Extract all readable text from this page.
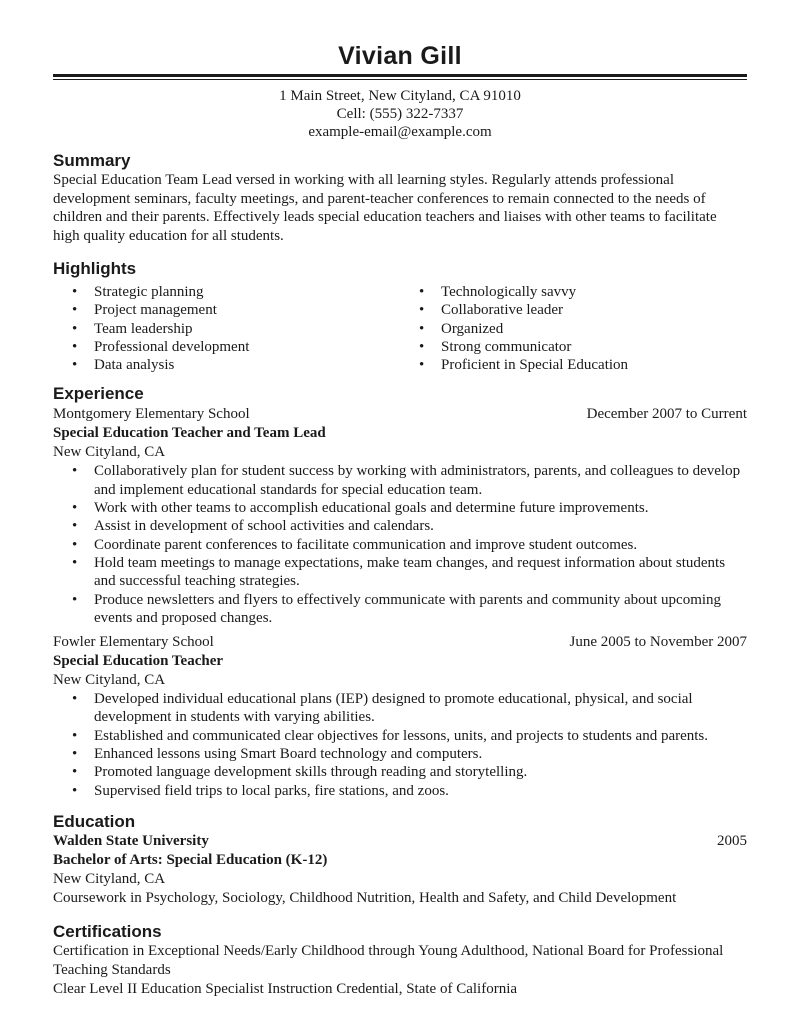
Vivian Gill
1 Main Street, New Cityland, CA 91010
Cell: (555) 322-7337
example-email@example.com
Summary
Special Education Team Lead versed in working with all learning styles. Regularly attends professional development seminars, faculty meetings, and parent-teacher conferences to remain connected to the needs of children and their parents. Effectively leads special education teachers and liaises with other teams to facilitate high quality education for all students.
Highlights
• Strategic planning
• Project management
• Team leadership
• Professional development
• Data analysis
• Technologically savvy
• Collaborative leader
• Organized
• Strong communicator
• Proficient in Special Education
Experience
Montgomery Elementary School	December 2007 to Current
Special Education Teacher and Team Lead
New Cityland, CA
• Collaboratively plan for student success by working with administrators, parents, and colleagues to develop and implement educational standards for special education team.
• Work with other teams to accomplish educational goals and determine future improvements.
• Assist in development of school activities and calendars.
• Coordinate parent conferences to facilitate communication and improve student outcomes.
• Hold team meetings to manage expectations, make team changes, and request information about students and successful teaching strategies.
• Produce newsletters and flyers to effectively communicate with parents and community about upcoming events and proposed changes.
Fowler Elementary School	June 2005 to November 2007
Special Education Teacher
New Cityland, CA
• Developed individual educational plans (IEP) designed to promote educational, physical, and social development in students with varying abilities.
• Established and communicated clear objectives for lessons, units, and projects to students and parents.
• Enhanced lessons using Smart Board technology and computers.
• Promoted language development skills through reading and storytelling.
• Supervised field trips to local parks, fire stations, and zoos.
Education
Walden State University	2005
Bachelor of Arts: Special Education (K-12)
New Cityland, CA
Coursework in Psychology, Sociology, Childhood Nutrition, Health and Safety, and Child Development
Certifications
Certification in Exceptional Needs/Early Childhood through Young Adulthood, National Board for Professional Teaching Standards
Clear Level II Education Specialist Instruction Credential, State of California
